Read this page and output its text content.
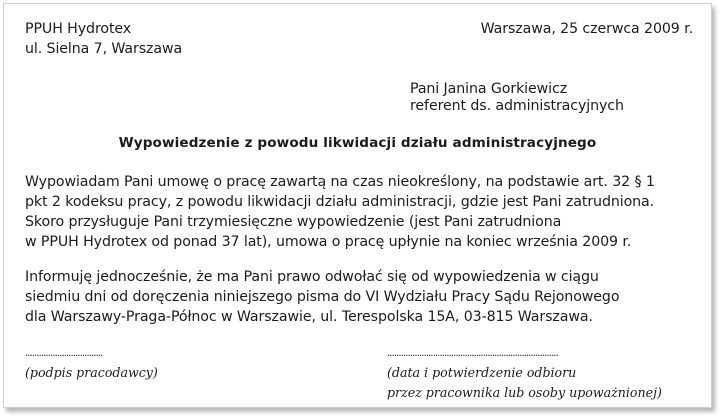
PPUH Hydrotex
ul. Sielna 7, Warszawa
Warszawa, 25 czerwca 2009 r.
Pani Janina Gorkiewicz
referent ds. administracyjnych
Wypowiedzenie z powodu likwidacji działu administracyjnego
Wypowiadam Pani umowę o pracę zawartą na czas nieokreślony, na podstawie art. 32 § 1
pkt 2 kodeksu pracy, z powodu likwidacji działu administracji, gdzie jest Pani zatrudniona.
Skoro przysługuje Pani trzymiesięczne wypowiedzenie (jest Pani zatrudniona
w PPUH Hydrotex od ponad 37 lat), umowa o pracę upłynie na koniec września 2009 r.
Informuję jednocześnie, że ma Pani prawo odwołać się od wypowiedzenia w ciągu
siedmiu dni od doręczenia niniejszego pisma do VI Wydziału Pracy Sądu Rejonowego
dla Warszawy-Praga-Północ w Warszawie, ul. Terespolska 15A, 03-815 Warszawa.
..................................
(podpis pracodawcy)
...........................................................................
(data i potwierdzenie odbioru
przez pracownika lub osoby upoważnionej)
